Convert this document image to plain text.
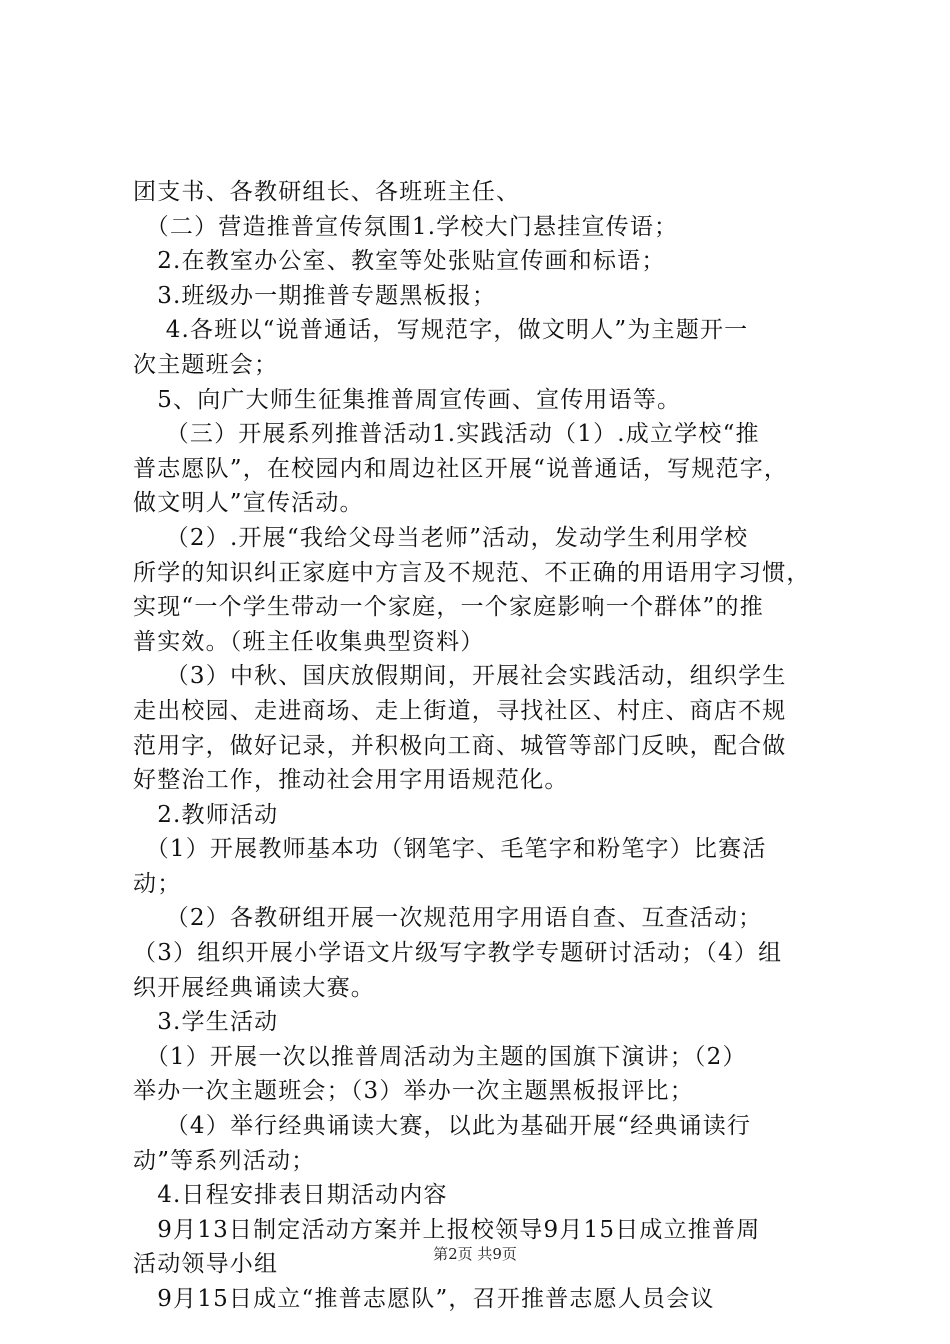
团支书、各教研组长、各班班主任、
　（二）营造推普宣传氛围1.学校大门悬挂宣传语；
　2.在教室办公室、教室等处张贴宣传画和标语；
　3.班级办一期推普专题黑板报；
　 4.各班以“说普通话，写规范字，做文明人”为主题开一
次主题班会；
　5、向广大师生征集推普周宣传画、宣传用语等。
　 （三）开展系列推普活动1.实践活动（1）.成立学校“推
普志愿队”，在校园内和周边社区开展“说普通话，写规范字，
做文明人”宣传活动。
　 （2）.开展“我给父母当老师”活动，发动学生利用学校
所学的知识纠正家庭中方言及不规范、不正确的用语用字习惯，
实现“一个学生带动一个家庭，一个家庭影响一个群体”的推
普实效。（班主任收集典型资料）
　 （3）中秋、国庆放假期间，开展社会实践活动，组织学生
走出校园、走进商场、走上街道，寻找社区、村庄、商店不规
范用字，做好记录，并积极向工商、城管等部门反映，配合做
好整治工作，推动社会用字用语规范化。
　2.教师活动
　（1）开展教师基本功（钢笔字、毛笔字和粉笔字）比赛活
动；
　 （2）各教研组开展一次规范用字用语自查、互查活动；
（3）组织开展小学语文片级写字教学专题研讨活动；（4）组
织开展经典诵读大赛。
　3.学生活动
　（1）开展一次以推普周活动为主题的国旗下演讲；（2）
举办一次主题班会；（3）举办一次主题黑板报评比；
　 （4）举行经典诵读大赛，以此为基础开展“经典诵读行
动”等系列活动；
　4.日程安排表日期活动内容
　9月13日制定活动方案并上报校领导9月15日成立推普周
活动领导小组
　9月15日成立“推普志愿队”，召开推普志愿人员会议
第2页 共9页
